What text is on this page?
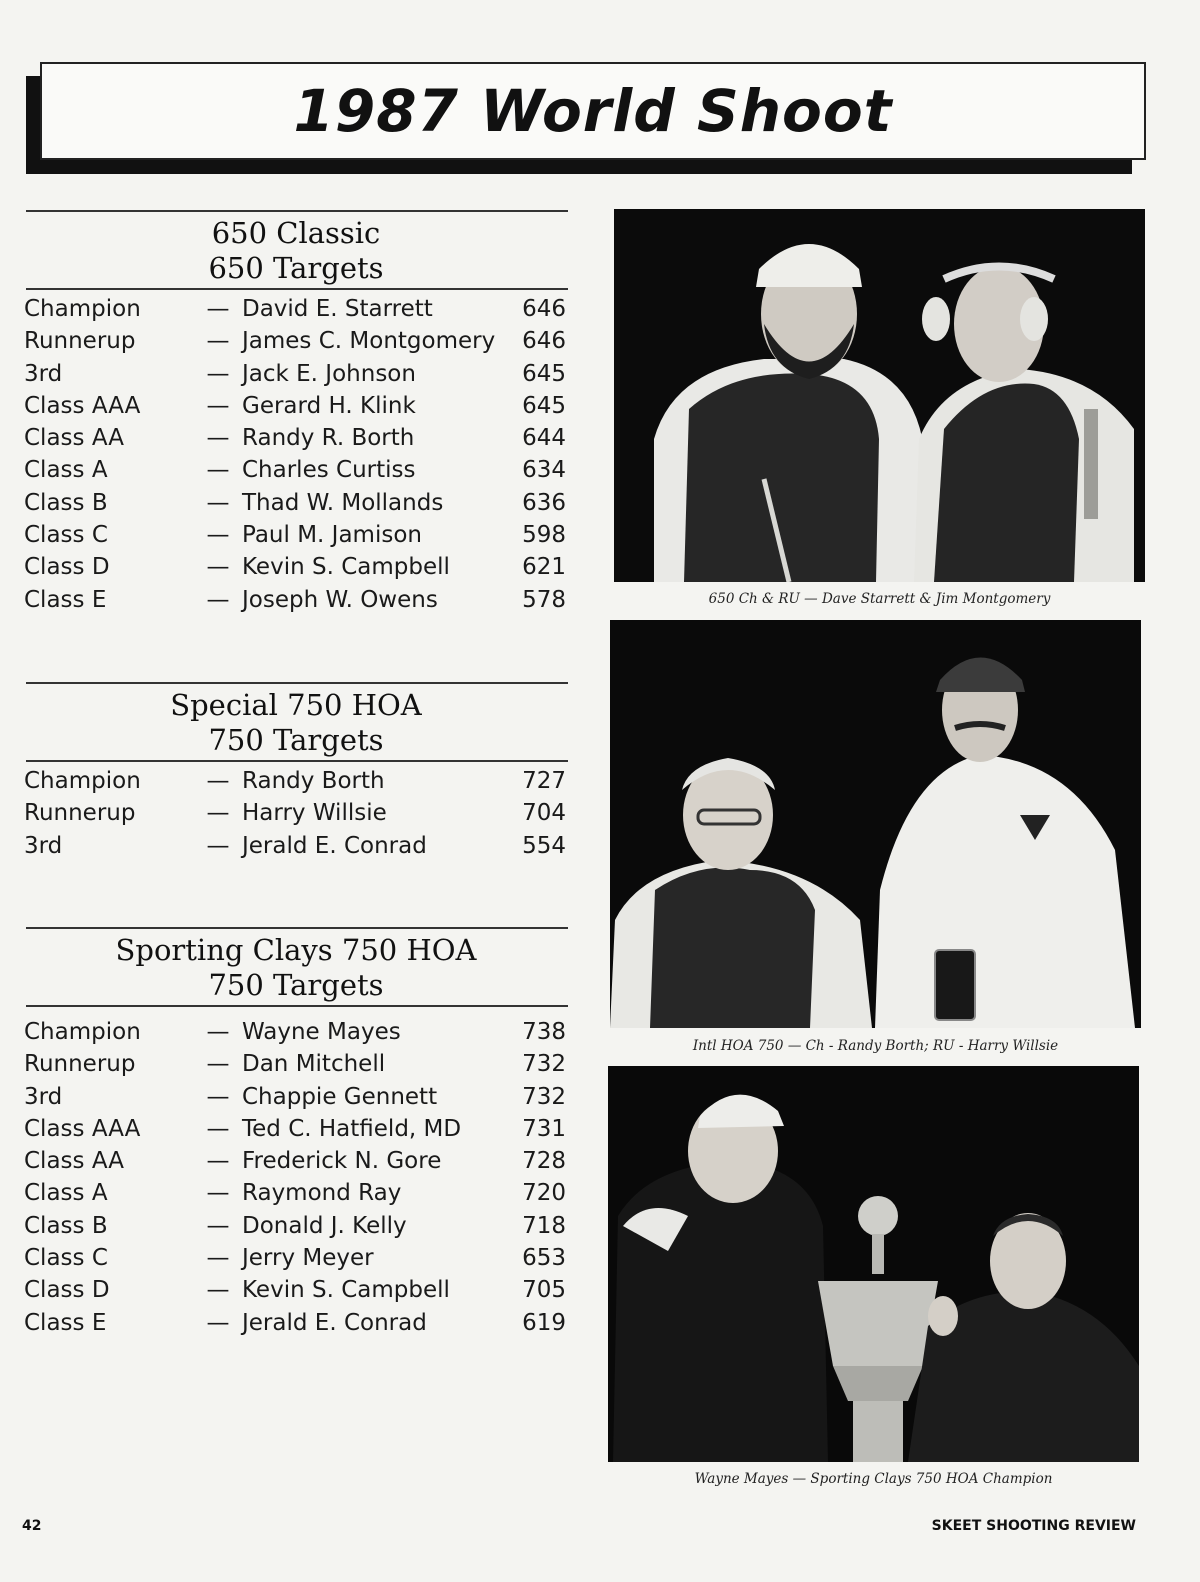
1987 World Shoot
650 Classic
650 Targets
Champion	— David E. Starrett	646
Runnerup	— James C. Montgomery	646
3rd	— Jack E. Johnson	645
Class AAA	— Gerard H. Klink	645
Class AA	— Randy R. Borth	644
Class A	— Charles Curtiss	634
Class B	— Thad W. Mollands	636
Class C	— Paul M. Jamison	598
Class D	— Kevin S. Campbell	621
Class E	— Joseph W. Owens	578
Special 750 HOA
750 Targets
Champion	— Randy Borth	727
Runnerup	— Harry Willsie	704
3rd	— Jerald E. Conrad	554
Sporting Clays 750 HOA
750 Targets
Champion	— Wayne Mayes	738
Runnerup	— Dan Mitchell	732
3rd	— Chappie Gennett	732
Class AAA	— Ted C. Hatfield, MD	731
Class AA	— Frederick N. Gore	728
Class A	— Raymond Ray	720
Class B	— Donald J. Kelly	718
Class C	— Jerry Meyer	653
Class D	— Kevin S. Campbell	705
Class E	— Jerald E. Conrad	619
650 Ch & RU — Dave Starrett & Jim Montgomery
Intl HOA 750 — Ch - Randy Borth; RU - Harry Willsie
Wayne Mayes — Sporting Clays 750 HOA Champion
42	SKEET SHOOTING REVIEW
